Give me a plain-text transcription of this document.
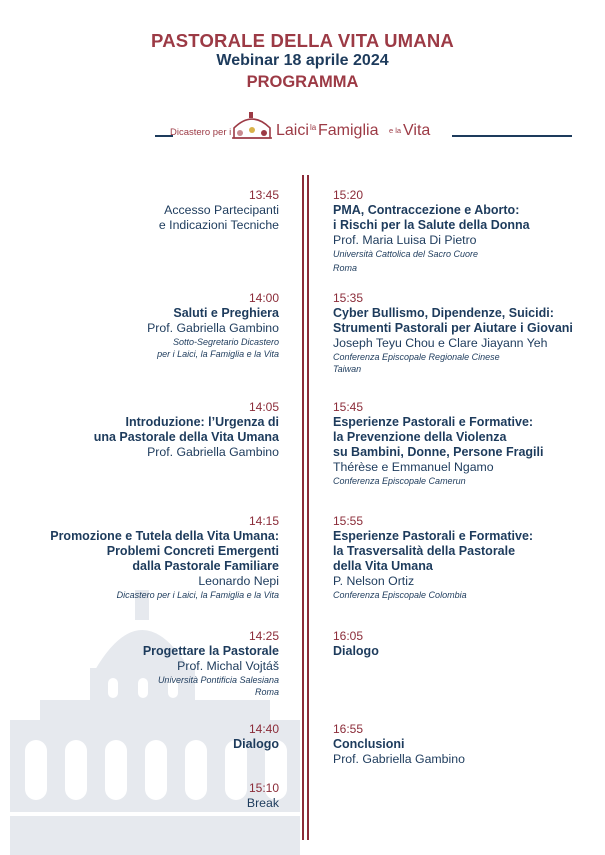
PASTORALE DELLA VITA UMANA
Webinar 18 aprile 2024
PROGRAMMA
Dicastero per i	Laici la Famiglia e la Vita
13:45
Accesso Partecipanti
e Indicazioni Tecniche
14:00
Saluti e Preghiera
Prof. Gabriella Gambino
Sotto-Segretario Dicastero
per i Laici, la Famiglia e la Vita
14:05
Introduzione: l’Urgenza di
una Pastorale della Vita Umana
Prof. Gabriella Gambino
14:15
Promozione e Tutela della Vita Umana:
Problemi Concreti Emergenti
dalla Pastorale Familiare
Leonardo Nepi
Dicastero per i Laici, la Famiglia e la Vita
14:25
Progettare la Pastorale
Prof. Michal Vojtáš
Università Pontificia Salesiana
Roma
14:40
Dialogo
15:10
Break
15:20
PMA, Contraccezione e Aborto:
i Rischi per la Salute della Donna
Prof. Maria Luisa Di Pietro
Università Cattolica del Sacro Cuore
Roma
15:35
Cyber Bullismo, Dipendenze, Suicidi:
Strumenti Pastorali per Aiutare i Giovani
Joseph Teyu Chou e Clare Jiayann Yeh
Conferenza Episcopale Regionale Cinese
Taiwan
15:45
Esperienze Pastorali e Formative:
la Prevenzione della Violenza
su Bambini, Donne, Persone Fragili
Thérèse e Emmanuel Ngamo
Conferenza Episcopale Camerun
15:55
Esperienze Pastorali e Formative:
la Trasversalità della Pastorale
della Vita Umana
P. Nelson Ortiz
Conferenza Episcopale Colombia
16:05
Dialogo
16:55
Conclusioni
Prof. Gabriella Gambino
